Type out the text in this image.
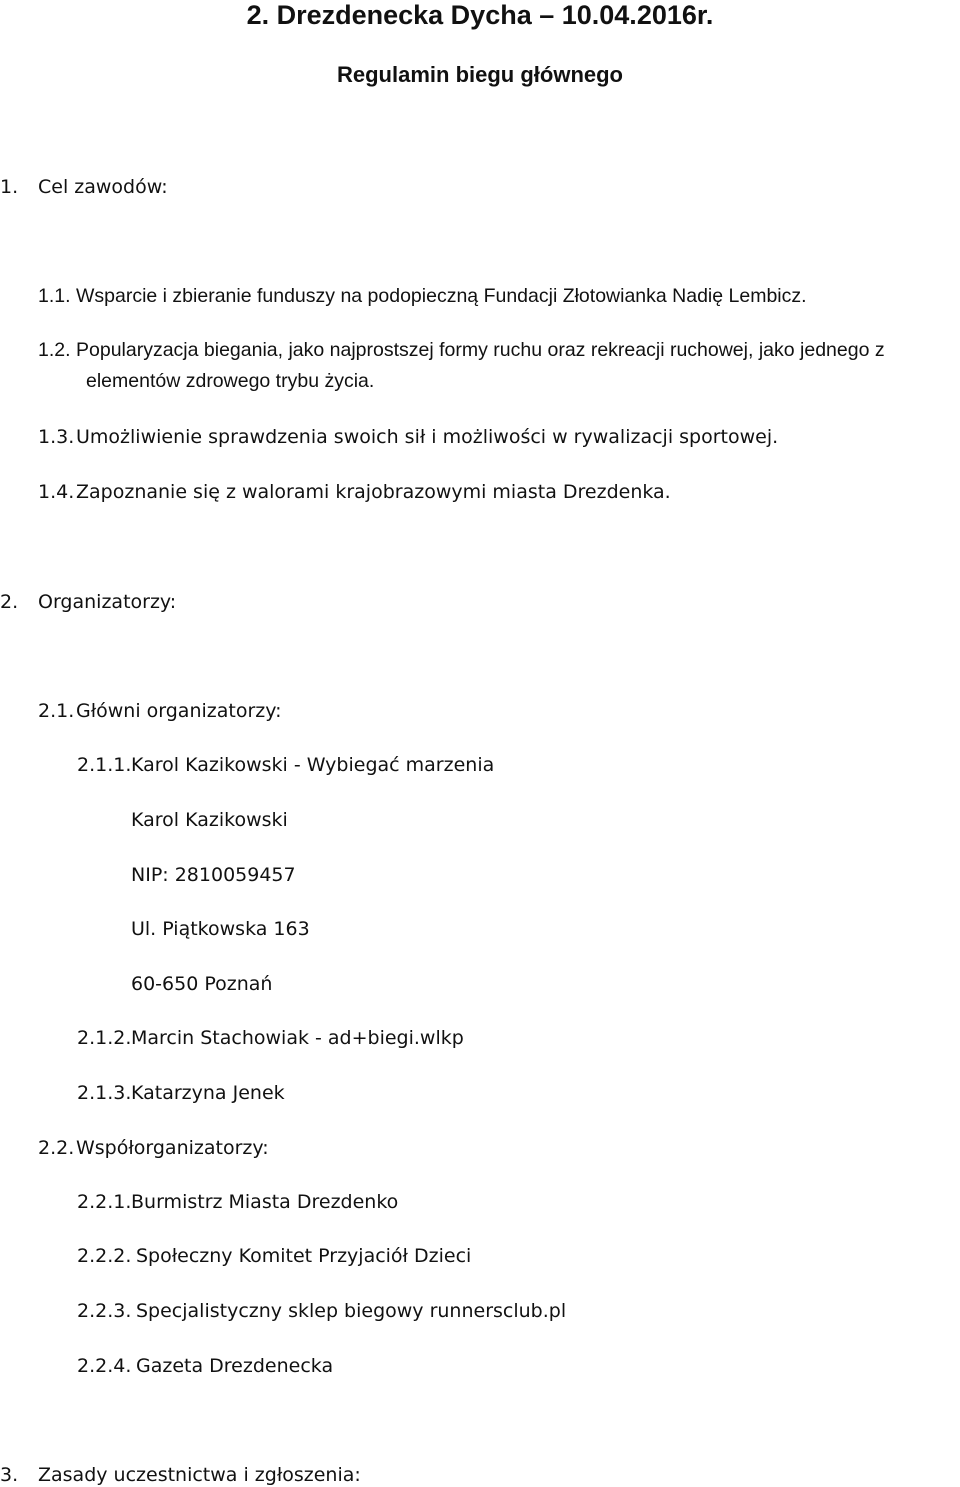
2. Drezdenecka Dycha – 10.04.2016r.
Regulamin biegu głównego
1. Cel zawodów:
1.1. Wsparcie i zbieranie funduszy na podopieczną Fundacji Złotowianka Nadię Lembicz.
1.2. Popularyzacja biegania, jako najprostszej formy ruchu oraz rekreacji ruchowej, jako jednego z
elementów zdrowego trybu życia.
1.3.Umożliwienie sprawdzenia swoich sił i możliwości w rywalizacji sportowej.
1.4.Zapoznanie się z walorami krajobrazowymi miasta Drezdenka.
2. Organizatorzy:
2.1.Główni organizatorzy:
2.1.1.Karol Kazikowski - Wybiegać marzenia
Karol Kazikowski
NIP: 2810059457
Ul. Piątkowska 163
60-650 Poznań
2.1.2.Marcin Stachowiak - ad+biegi.wlkp
2.1.3.Katarzyna Jenek
2.2.Współorganizatorzy:
2.2.1.Burmistrz Miasta Drezdenko
2.2.2. Społeczny Komitet Przyjaciół Dzieci
2.2.3. Specjalistyczny sklep biegowy runnersclub.pl
2.2.4. Gazeta Drezdenecka
3. Zasady uczestnictwa i zgłoszenia:
